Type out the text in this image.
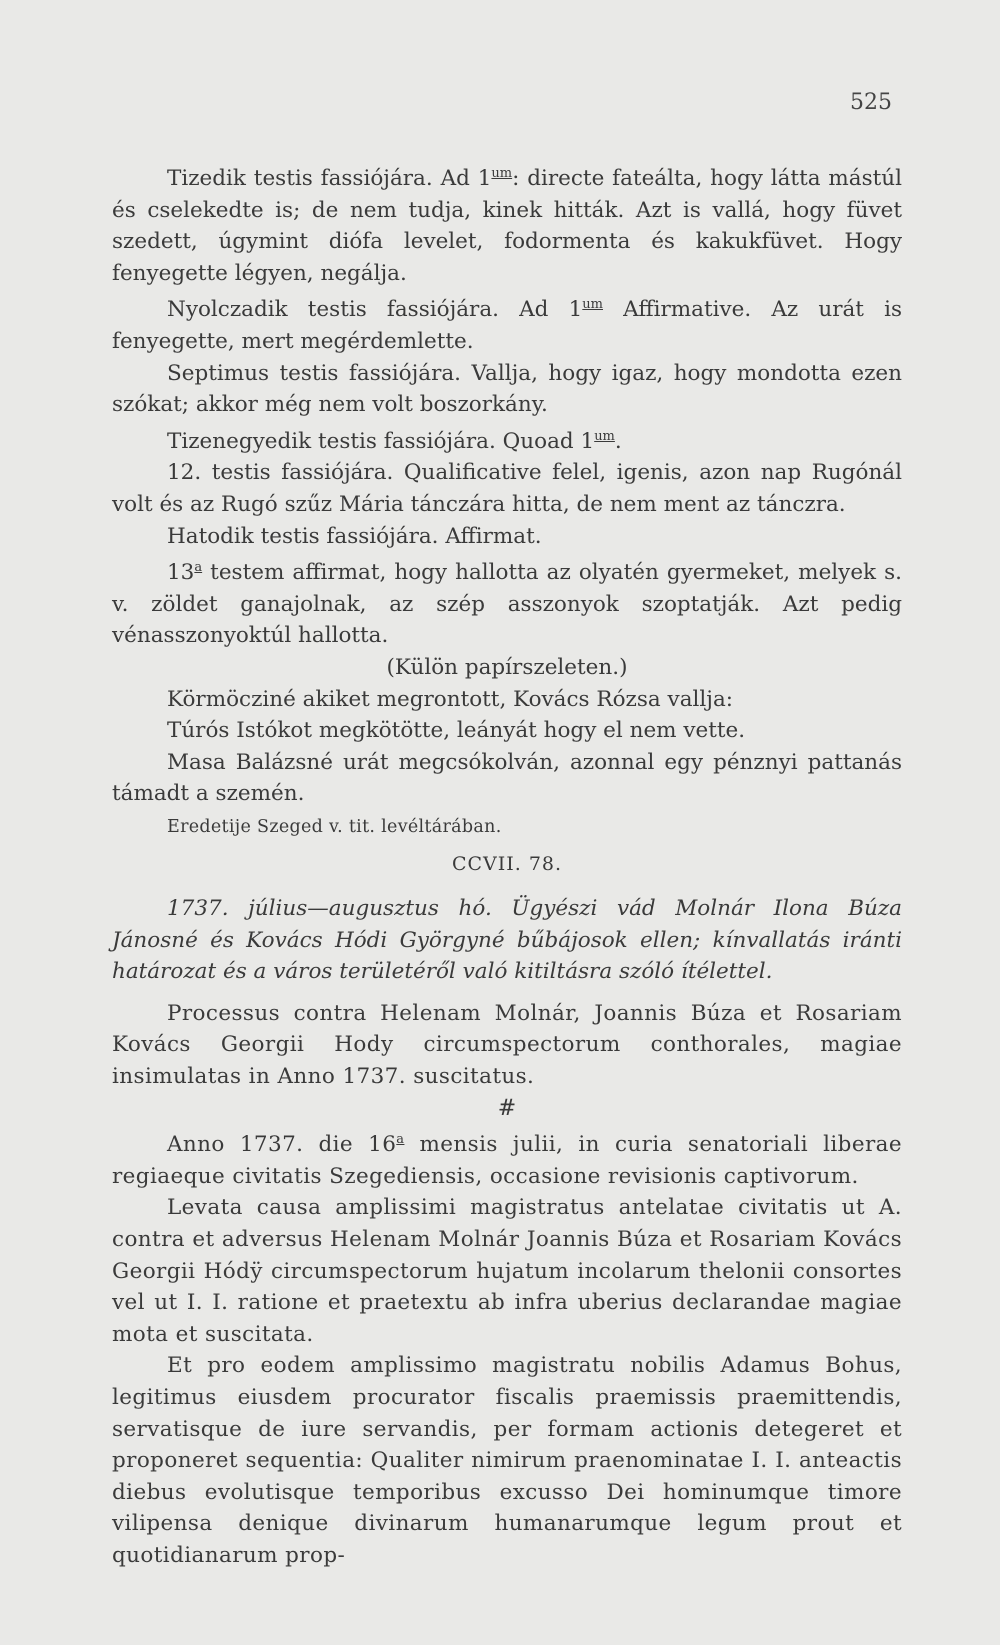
525

Tizedik testis fassiójára. Ad $1^{um}$: directe fateálta, hogy látta mástúl és cselekedte is; de nem tudja, kinek hitták. Azt is vallá, hogy füvet szedett, úgymint diófa levelet, fodormenta és kakukfüvet. Hogy fenyegette légyen, negálja.

Nyolczadik testis fassiójára. Ad $1^{um}$ Affirmative. Az urát is fenyegette, mert megérdemlette.

Septimus testis fassiójára. Vallja, hogy igaz, hogy mondotta ezen szókat; akkor még nem volt boszorkány.

Tizenegyedik testis fassiójára. Quoad $1^{um}$.

12. testis fassiójára. Qualificative felel, igenis, azon nap Rugónál volt és az Rugó szűz Mária tánczára hitta, de nem ment az tánczra.

Hatodik testis fassiójára. Affirmat.

13$^a$ testem affirmat, hogy hallotta az olyatén gyermeket, melyek s. v. zöldet ganajolnak, az szép asszonyok szoptatják. Azt pedig vénasszonyoktúl hallotta.

(Külön papírszeleten.)

Körmöcziné akiket megrontott, Kovács Rózsa vallja:

Túrós Istókot megkötötte, leányát hogy el nem vette.

Masa Balázsné urát megcsókolván, azonnal egy pénznyi pattanás támadt a szemén.

Eredetije Szeged v. tit. levéltárában.

CCVII. 78.

1737. július—augusztus hó. Ügyészi vád Molnár Ilona Búza Jánosné és Kovács Hódi Györgyné bűbájosok ellen; kínvallatás iránti határozat és a város területéről való kitiltásra szóló ítélettel.

Processus contra Helenam Molnár, Joannis Búza et Rosariam Kovács Georgii Hody circumspectorum conthorales, magiae insimulatas in Anno 1737. suscitatus.

#

Anno 1737. die 16$^a$ mensis julii, in curia senatoriali liberae regiaeque civitatis Szegediensis, occasione revisionis captivorum.

Levata causa amplissimi magistratus antelatae civitatis ut A. contra et adversus Helenam Molnár Joannis Búza et Rosariam Kovács Georgii Hódÿ circumspectorum hujatum incolarum thelonii consortes vel ut I. I. ratione et praetextu ab infra uberius declarandae magiae mota et suscitata.

Et pro eodem amplissimo magistratu nobilis Adamus Bohus, legitimus eiusdem procurator fiscalis praemissis praemittendis, servatisque de iure servandis, per formam actionis detegeret et proponeret sequentia: Qualiter nimirum praenominatae I. I. anteactis diebus evolutisque temporibus excusso Dei hominumque timore vilipensa denique divinarum humanarumque legum prout et quotidianarum prop-
